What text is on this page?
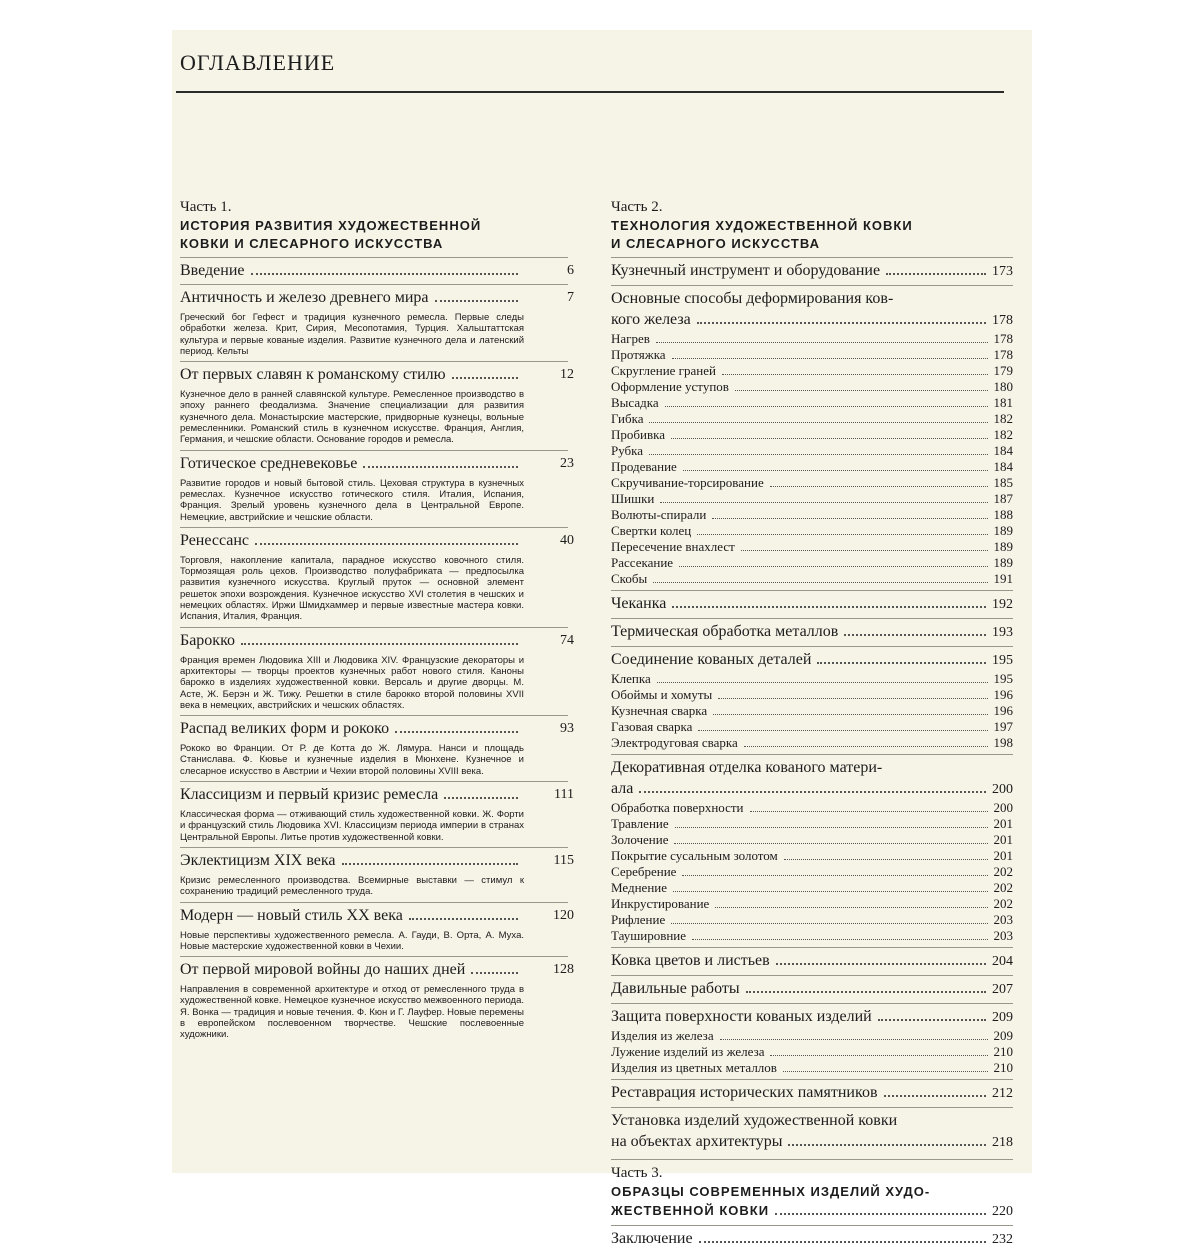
ОГЛАВЛЕНИЕ
Часть 1.
ИСТОРИЯ РАЗВИТИЯ ХУДОЖЕСТВЕННОЙ
КОВКИ И СЛЕСАРНОГО ИСКУССТВА
Введение	6
Античность и железо древнего мира	7
Греческий бог Гефест и традиция кузнечного ремесла. Первые следы обработки железа. Крит, Сирия, Месопотамия, Турция. Хальштаттская культура и первые кованые изделия. Развитие кузнечного дела и латенский период. Кельты
От первых славян к романскому стилю	12
Кузнечное дело в ранней славянской культуре. Ремесленное производство в эпоху раннего феодализма. Значение специализации для развития кузнечного дела. Монастырские мастерские, придворные кузнецы, вольные ремесленники. Романский стиль в кузнечном искусстве. Франция, Англия, Германия, и чешские области. Основание городов и ремесла.
Готическое средневековье	23
Развитие городов и новый бытовой стиль. Цеховая структура в кузнечных ремеслах. Кузнечное искусство готического стиля. Италия, Испания, Франция. Зрелый уровень кузнечного дела в Центральной Европе. Немецкие, австрийские и чешские области.
Ренессанс	40
Торговля, накопление капитала, парадное искусство ковочного стиля. Тормозящая роль цехов. Производство полуфабриката — предпосылка развития кузнечного искусства. Круглый пруток — основной элемент решеток эпохи возрождения. Кузнечное искусство XVI столетия в чешских и немецких областях. Иржи Шмидхаммер и первые известные мастера ковки. Испания, Италия, Франция.
Барокко	74
Франция времен Людовика XIII и Людовика XIV. Французские декораторы и архитекторы — творцы проектов кузнечных работ нового стиля. Каноны барокко в изделиях художественной ковки. Версаль и другие дворцы. М. Асте, Ж. Берэн и Ж. Тижу. Решетки в стиле барокко второй половины XVII века в немецких, австрийских и чешских областях.
Распад великих форм и рококо	93
Рококо во Франции. От Р. де Котта до Ж. Лямура. Нанси и площадь Станислава. Ф. Кювье и кузнечные изделия в Мюнхене. Кузнечное и слесарное искусство в Австрии и Чехии второй половины XVIII века.
Классицизм и первый кризис ремесла	111
Классическая форма — отживающий стиль художественной ковки. Ж. Форти и французский стиль Людовика XVI. Классицизм периода империи в странах Центральной Европы. Литье против художественной ковки.
Эклектицизм XIX века	115
Кризис ремесленного производства. Всемирные выставки — стимул к сохранению традиций ремесленного труда.
Модерн — новый стиль XX века	120
Новые перспективы художественного ремесла. А. Гауди, В. Орта, А. Муха. Новые мастерские художественной ковки в Чехии.
От первой мировой войны до наших дней	128
Направления в современной архитектуре и отход от ремесленного труда в художественной ковке. Немецкое кузнечное искусство межвоенного периода. Я. Вонка — традиция и новые течения. Ф. Кюн и Г. Лауфер. Новые перемены в европейском послевоенном творчестве. Чешские послевоенные художники.
Часть 2.
ТЕХНОЛОГИЯ ХУДОЖЕСТВЕННОЙ КОВКИ
И СЛЕСАРНОГО ИСКУССТВА
Кузнечный инструмент и оборудование	173
Основные способы деформирования ков-
кого железа	178
Нагрев	178
Протяжка	178
Скругление граней	179
Оформление уступов	180
Высадка	181
Гибка	182
Пробивка	182
Рубка	184
Продевание	184
Скручивание-торсирование	185
Шишки	187
Волюты-спирали	188
Свертки колец	189
Пересечение внахлест	189
Рассекание	189
Скобы	191
Чеканка	192
Термическая обработка металлов	193
Соединение кованых деталей	195
Клепка	195
Обоймы и хомуты	196
Кузнечная сварка	196
Газовая сварка	197
Электродуговая сварка	198
Декоративная отделка кованого матери-
ала	200
Обработка поверхности	200
Травление	201
Золочение	201
Покрытие сусальным золотом	201
Серебрение	202
Меднение	202
Инкрустирование	202
Рифление	203
Таушировние	203
Ковка цветов и листьев	204
Давильные работы	207
Защита поверхности кованых изделий	209
Изделия из железа	209
Лужение изделий из железа	210
Изделия из цветных металлов	210
Реставрация исторических памятников	212
Установка изделий художественной ковки
на объектах архитектуры	218
Часть 3.
ОБРАЗЦЫ СОВРЕМЕННЫХ ИЗДЕЛИЙ ХУДО-
ЖЕСТВЕННОЙ КОВКИ	220
Заключение	232
